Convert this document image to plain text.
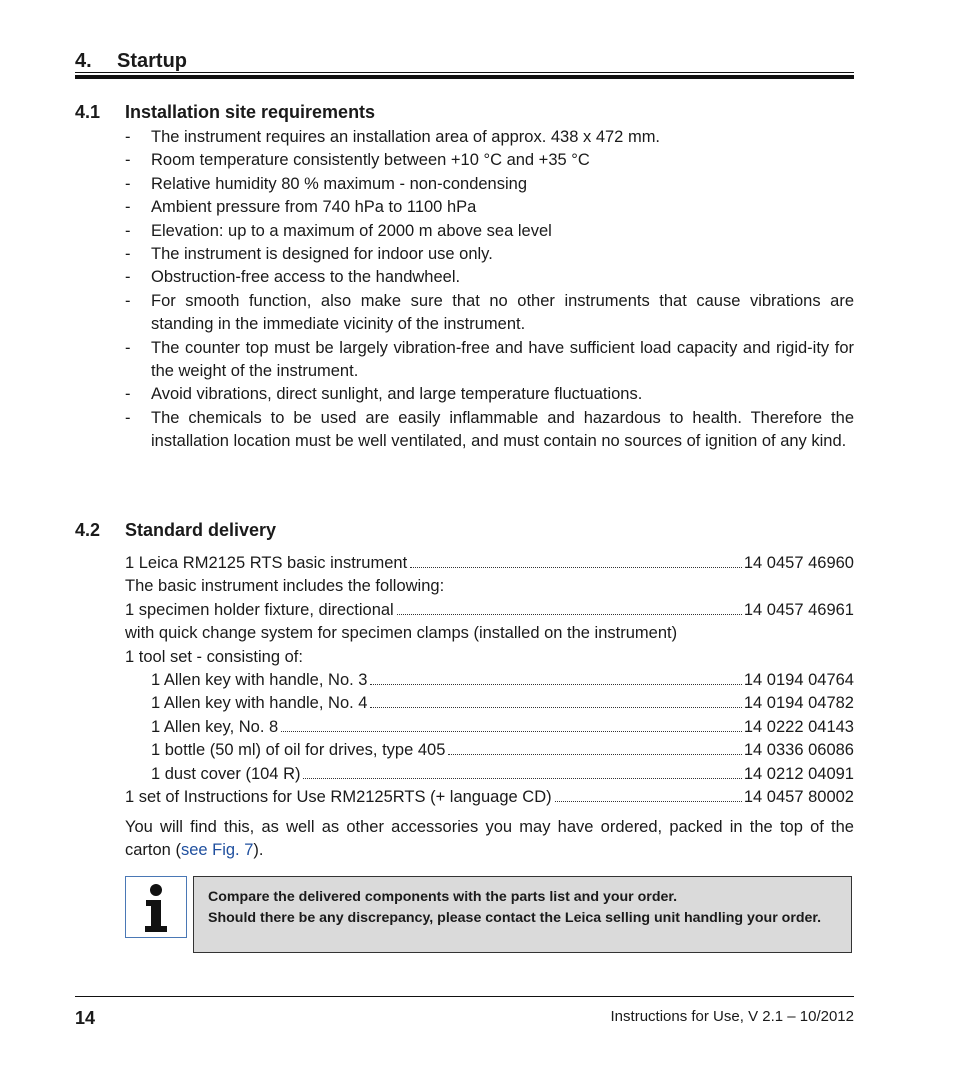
4. Startup
4.1 Installation site requirements
- The instrument requires an installation area of approx. 438 x 472 mm.
- Room temperature consistently between +10 °C and +35 °C
- Relative humidity 80 % maximum - non-condensing
- Ambient pressure from 740 hPa to 1100 hPa
- Elevation: up to a maximum of 2000 m above sea level
- The instrument is designed for indoor use only.
- Obstruction-free access to the handwheel.
- For smooth function, also make sure that no other instruments that cause vibrations are standing in the immediate vicinity of the instrument.
- The counter top must be largely vibration-free and have sufficient load capacity and rigid-ity for the weight of the instrument.
- Avoid vibrations, direct sunlight, and large temperature fluctuations.
- The chemicals to be used are easily inflammable and hazardous to health. Therefore the installation location must be well ventilated, and must contain no sources of ignition of any kind.
4.2 Standard delivery
1 Leica RM2125 RTS basic instrument	14 0457 46960
The basic instrument includes the following:
1 specimen holder fixture, directional	14 0457 46961
with quick change system for specimen clamps (installed on the instrument)
1 tool set - consisting of:
1 Allen key with handle, No. 3	14 0194 04764
1 Allen key with handle, No. 4	14 0194 04782
1 Allen key, No. 8	14 0222 04143
1 bottle (50 ml) of oil for drives, type 405	14 0336 06086
1 dust cover (104 R)	14 0212 04091
1 set of Instructions for Use RM2125RTS (+ language CD)	14 0457 80002
You will find this, as well as other accessories you may have ordered, packed in the top of the carton (see Fig. 7).
Compare the delivered components with the parts list and your order.
Should there be any discrepancy, please contact the Leica selling unit handling your order.
14	Instructions for Use, V 2.1 – 10/2012
